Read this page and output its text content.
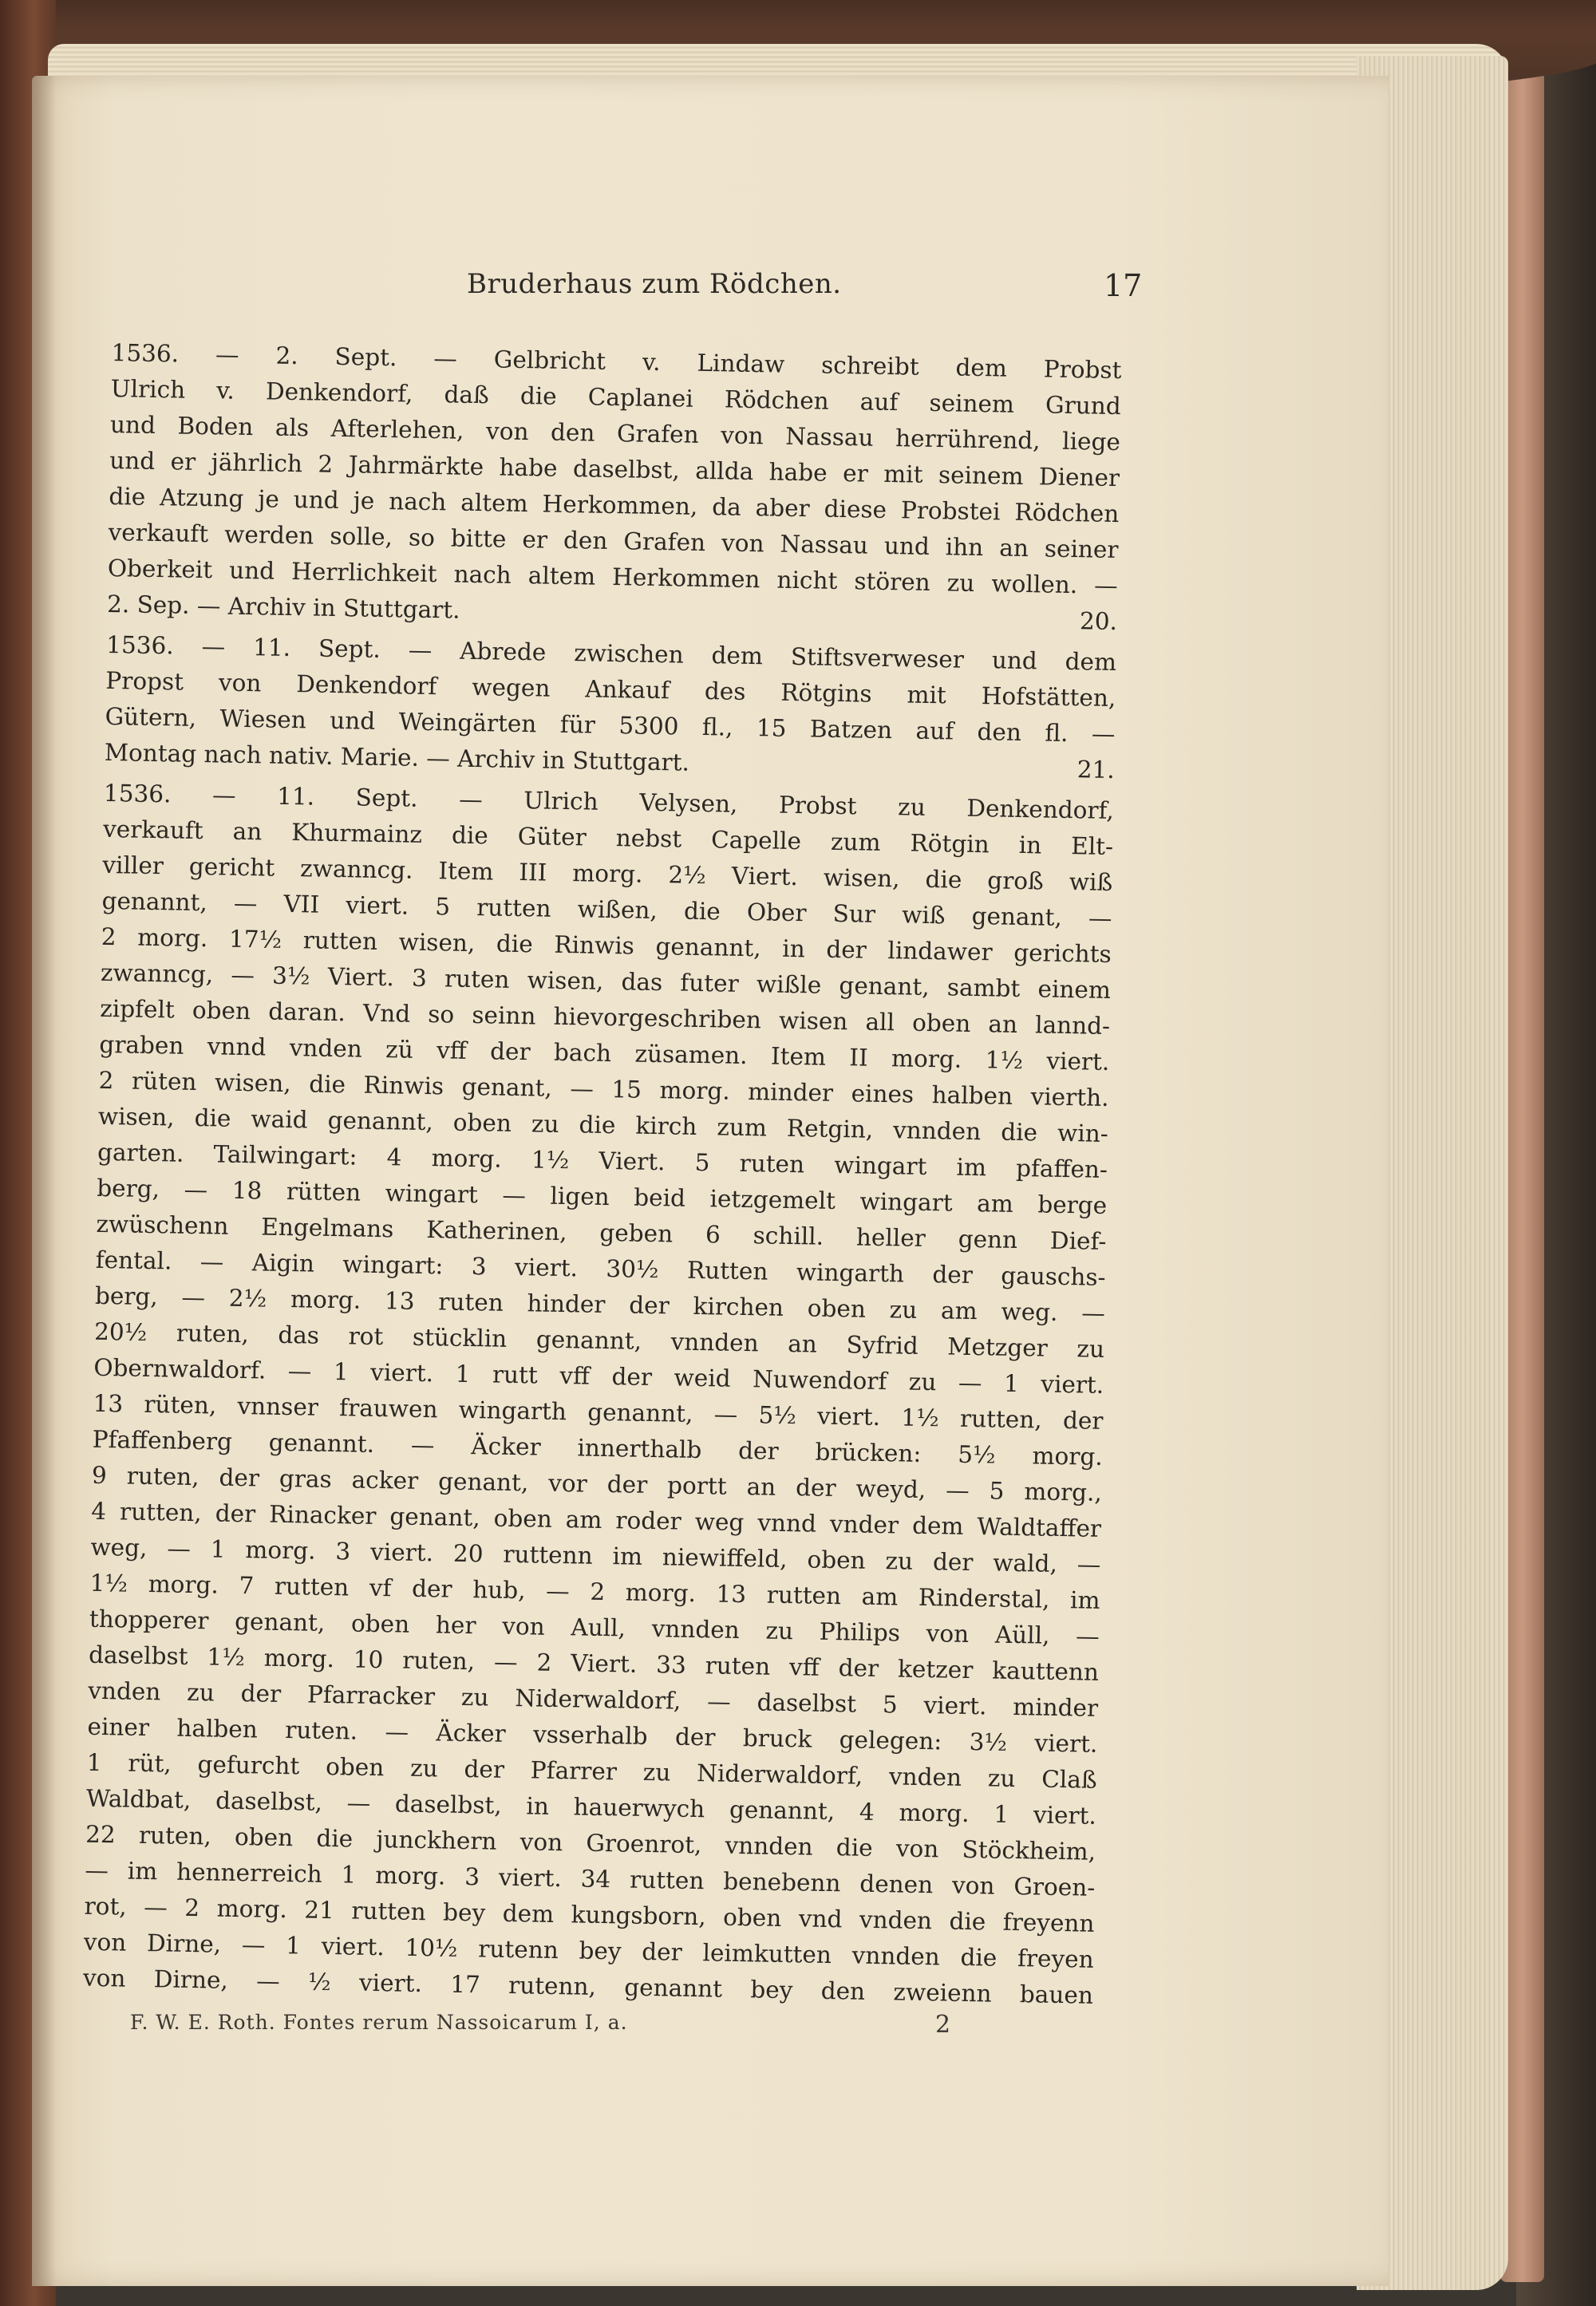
Bruderhaus zum Rödchen.	17
1536. — 2. Sept. — Gelbricht v. Lindaw schreibt dem Probst
Ulrich v. Denkendorf, daß die Caplanei Rödchen auf seinem Grund
und Boden als Afterlehen, von den Grafen von Nassau herrührend, liege
und er jährlich 2 Jahrmärkte habe daselbst, allda habe er mit seinem Diener
die Atzung je und je nach altem Herkommen, da aber diese Probstei Rödchen
verkauft werden solle, so bitte er den Grafen von Nassau und ihn an seiner
Oberkeit und Herrlichkeit nach altem Herkommen nicht stören zu wollen. —
2. Sep. — Archiv in Stuttgart.	20.
1536. — 11. Sept. — Abrede zwischen dem Stiftsverweser und dem
Propst von Denkendorf wegen Ankauf des Rötgins mit Hofstätten,
Gütern, Wiesen und Weingärten für 5300 fl., 15 Batzen auf den fl. —
Montag nach nativ. Marie. — Archiv in Stuttgart.	21.
1536. — 11. Sept. — Ulrich Velysen, Probst zu Denkendorf,
verkauft an Khurmainz die Güter nebst Capelle zum Rötgin in Elt-
viller gericht zwanncg. Item III morg. 2½ Viert. wisen, die groß wiß
genannt, — VII viert. 5 rutten wißen, die Ober Sur wiß genant, —
2 morg. 17½ rutten wisen, die Rinwis genannt, in der lindawer gerichts
zwanncg, — 3½ Viert. 3 ruten wisen, das futer wißle genant, sambt einem
zipfelt oben daran. Vnd so seinn hievorgeschriben wisen all oben an lannd-
graben vnnd vnden zü vff der bach züsamen. Item II morg. 1½ viert.
2 rüten wisen, die Rinwis genant, — 15 morg. minder eines halben vierth.
wisen, die waid genannt, oben zu die kirch zum Retgin, vnnden die win-
garten. Tailwingart: 4 morg. 1½ Viert. 5 ruten wingart im pfaffen-
berg, — 18 rütten wingart — ligen beid ietzgemelt wingart am berge
zwüschenn Engelmans Katherinen, geben 6 schill. heller genn Dief-
fental. — Aigin wingart: 3 viert. 30½ Rutten wingarth der gauschs-
berg, — 2½ morg. 13 ruten hinder der kirchen oben zu am weg. —
20½ ruten, das rot stücklin genannt, vnnden an Syfrid Metzger zu
Obernwaldorf. — 1 viert. 1 rutt vff der weid Nuwendorf zu — 1 viert.
13 rüten, vnnser frauwen wingarth genannt, — 5½ viert. 1½ rutten, der
Pfaffenberg genannt. — Äcker innerthalb der brücken: 5½ morg.
9 ruten, der gras acker genant, vor der portt an der weyd, — 5 morg.,
4 rutten, der Rinacker genant, oben am roder weg vnnd vnder dem Waldtaffer
weg, — 1 morg. 3 viert. 20 ruttenn im niewiffeld, oben zu der wald, —
1½ morg. 7 rutten vf der hub, — 2 morg. 13 rutten am Rinderstal, im
thopperer genant, oben her von Aull, vnnden zu Philips von Aüll, —
daselbst 1½ morg. 10 ruten, — 2 Viert. 33 ruten vff der ketzer kauttenn
vnden zu der Pfarracker zu Niderwaldorf, — daselbst 5 viert. minder
einer halben ruten. — Äcker vsserhalb der bruck gelegen: 3½ viert.
1 rüt, gefurcht oben zu der Pfarrer zu Niderwaldorf, vnden zu Claß
Waldbat, daselbst, — daselbst, in hauerwych genannt, 4 morg. 1 viert.
22 ruten, oben die junckhern von Groenrot, vnnden die von Stöckheim,
— im hennerreich 1 morg. 3 viert. 34 rutten benebenn denen von Groen-
rot, — 2 morg. 21 rutten bey dem kungsborn, oben vnd vnden die freyenn
von Dirne, — 1 viert. 10½ rutenn bey der leimkutten vnnden die freyen
von Dirne, — ½ viert. 17 rutenn, genannt bey den zweienn bauen
F. W. E. Roth. Fontes rerum Nassoicarum I, a.	2
